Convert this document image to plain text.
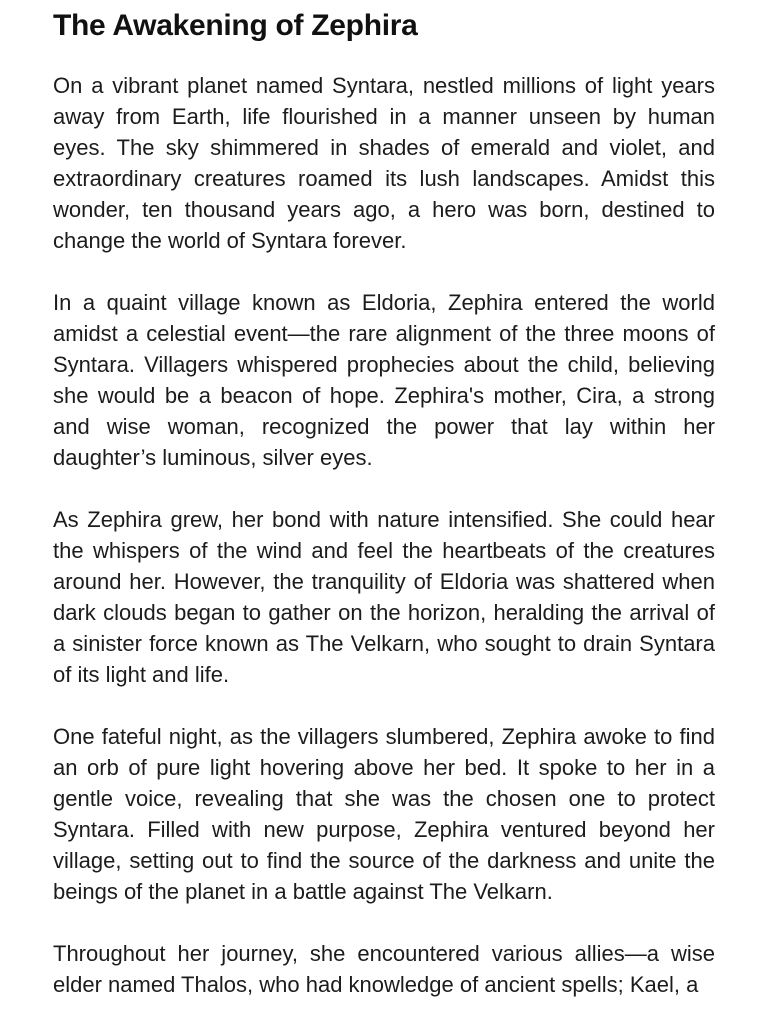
The Awakening of Zephira

On a vibrant planet named Syntara, nestled millions of light years away from Earth, life flourished in a manner unseen by human eyes. The sky shimmered in shades of emerald and violet, and extraordinary creatures roamed its lush landscapes. Amidst this wonder, ten thousand years ago, a hero was born, destined to change the world of Syntara forever.

In a quaint village known as Eldoria, Zephira entered the world amidst a celestial event—the rare alignment of the three moons of Syntara. Villagers whispered prophecies about the child, believing she would be a beacon of hope. Zephira's mother, Cira, a strong and wise woman, recognized the power that lay within her daughter’s luminous, silver eyes.

As Zephira grew, her bond with nature intensified. She could hear the whispers of the wind and feel the heartbeats of the creatures around her. However, the tranquility of Eldoria was shattered when dark clouds began to gather on the horizon, heralding the arrival of a sinister force known as The Velkarn, who sought to drain Syntara of its light and life.

One fateful night, as the villagers slumbered, Zephira awoke to find an orb of pure light hovering above her bed. It spoke to her in a gentle voice, revealing that she was the chosen one to protect Syntara. Filled with new purpose, Zephira ventured beyond her village, setting out to find the source of the darkness and unite the beings of the planet in a battle against The Velkarn.

Throughout her journey, she encountered various allies—a wise elder named Thalos, who had knowledge of ancient spells; Kael, a
